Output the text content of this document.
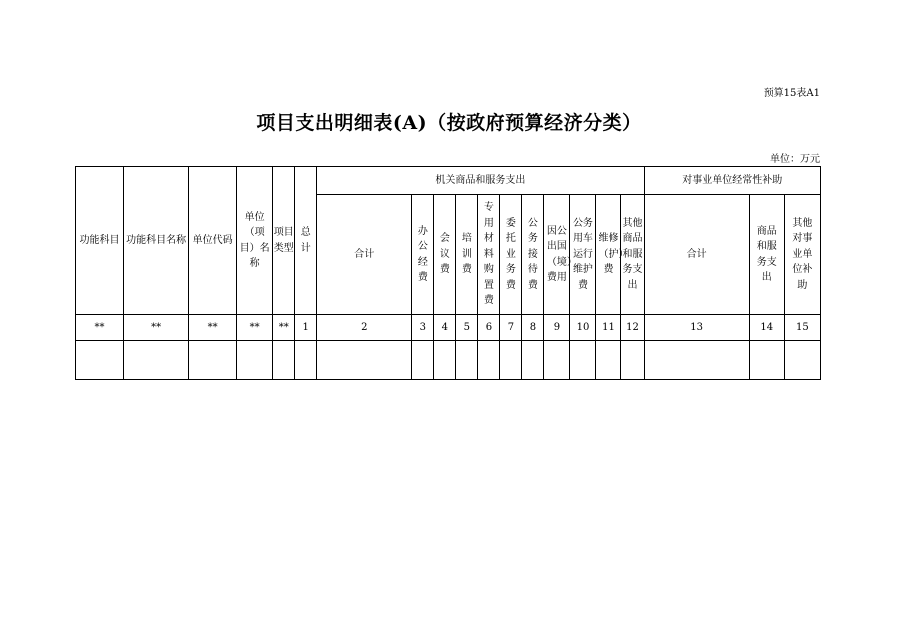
预算15表A1
项目支出明细表(A)（按政府预算经济分类）
单位：万元
功能科目	功能科目名称	单位代码	单位（项目）名称	项目类型	总计	机关商品和服务支出											对事业单位经常性补助		
						合计	办公经费	会议费	培训费	专用材料购置费	委托业务费	公务接待费	因公出国（境）费用	公务用车运行维护费	维修（护）费	其他商品和服务支出	合计	商品和服务支出	其他对事业单位补助
**	**	**	**	**	1	2	3	4	5	6	7	8	9	10	11	12	13	14	15
